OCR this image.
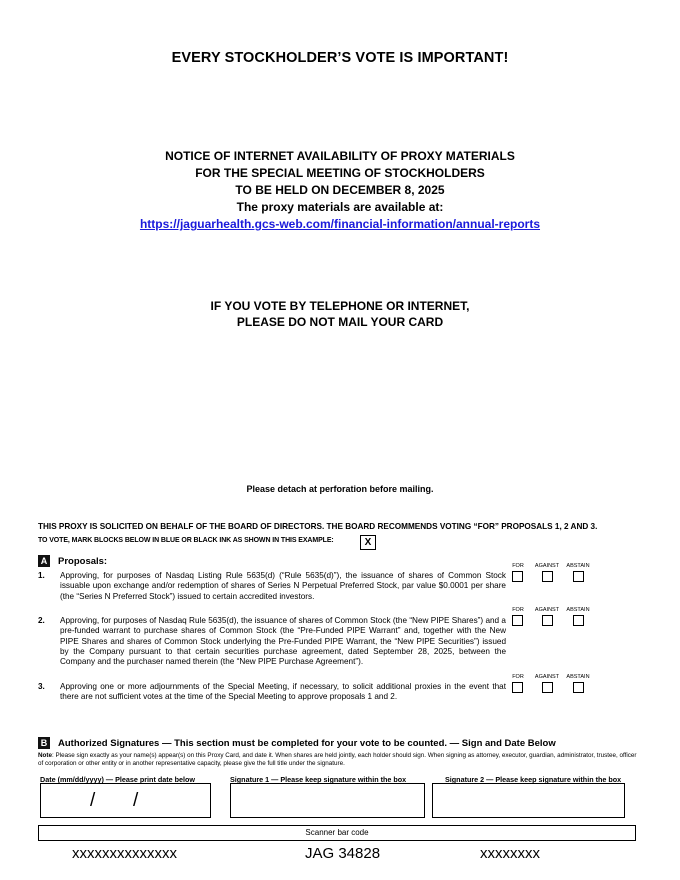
EVERY STOCKHOLDER’S VOTE IS IMPORTANT!
NOTICE OF INTERNET AVAILABILITY OF PROXY MATERIALS
FOR THE SPECIAL MEETING OF STOCKHOLDERS
TO BE HELD ON DECEMBER 8, 2025
The proxy materials are available at:
https://jaguarhealth.gcs-web.com/financial-information/annual-reports
IF YOU VOTE BY TELEPHONE OR INTERNET,
PLEASE DO NOT MAIL YOUR CARD
Please detach at perforation before mailing.
THIS PROXY IS SOLICITED ON BEHALF OF THE BOARD OF DIRECTORS. THE BOARD RECOMMENDS VOTING “FOR” PROPOSALS 1, 2 AND 3.
TO VOTE, MARK BLOCKS BELOW IN BLUE OR BLACK INK AS SHOWN IN THIS EXAMPLE:	X
A Proposals:
1. Approving, for purposes of Nasdaq Listing Rule 5635(d) (“Rule 5635(d)”), the issuance of shares of Common Stock issuable upon exchange and/or redemption of shares of Series N Perpetual Preferred Stock, par value $0.0001 per share (the “Series N Preferred Stock”) issued to certain accredited investors.
FOR	AGAINST	ABSTAIN
2. Approving, for purposes of Nasdaq Rule 5635(d), the issuance of shares of Common Stock (the “New PIPE Shares”) and a pre-funded warrant to purchase shares of Common Stock (the “Pre-Funded PIPE Warrant” and, together with the New PIPE Shares and shares of Common Stock underlying the Pre-Funded PIPE Warrant, the “New PIPE Securities”) issued by the Company pursuant to that certain securities purchase agreement, dated September 28, 2025, between the Company and the purchaser named therein (the “New PIPE Purchase Agreement”).
FOR	AGAINST	ABSTAIN
3. Approving one or more adjournments of the Special Meeting, if necessary, to solicit additional proxies in the event that there are not sufficient votes at the time of the Special Meeting to approve proposals 1 and 2.
FOR	AGAINST	ABSTAIN
B Authorized Signatures — This section must be completed for your vote to be counted. — Sign and Date Below
Note: Please sign exactly as your name(s) appear(s) on this Proxy Card, and date it. When shares are held jointly, each holder should sign. When signing as attorney, executor, guardian, administrator, trustee, officer of corporation or other entity or in another representative capacity, please give the full title under the signature.
Date (mm/dd/yyyy) — Please print date below	Signature 1 — Please keep signature within the box	Signature 2 — Please keep signature within the box
/ /
Scanner bar code
xxxxxxxxxxxxxx	JAG 34828	xxxxxxxx
